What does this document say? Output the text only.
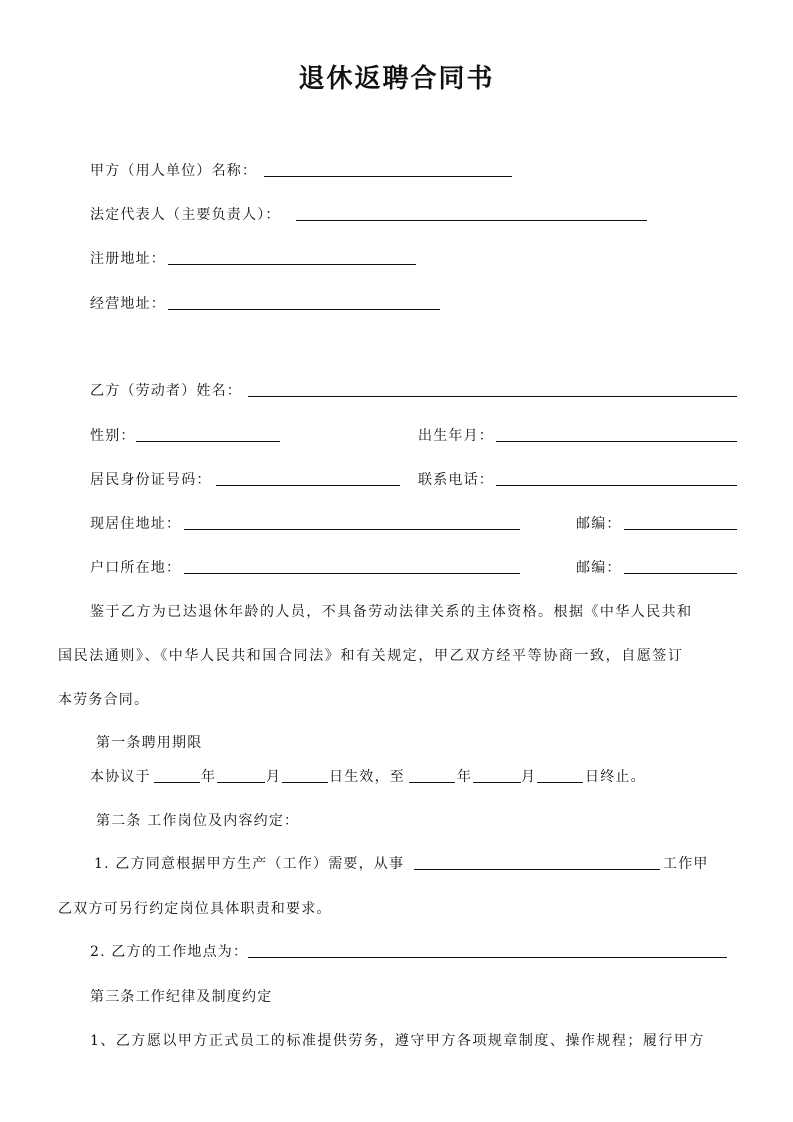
退休返聘合同书
甲方（用人单位）名称：
法定代表人（主要负责人）：
注册地址：
经营地址：
乙方（劳动者）姓名：
性别：	出生年月：
居民身份证号码：	联系电话：
现居住地址：	邮编：
户口所在地：	邮编：
鉴于乙方为已达退休年龄的人员，不具备劳动法律关系的主体资格。根据《中华人民共和
国民法通则》、《中华人民共和国合同法》和有关规定，甲乙双方经平等协商一致，自愿签订
本劳务合同。
第一条聘用期限
本协议于	年	月	日生效，至	年	月	日终止。
第二条 工作岗位及内容约定：
1. 乙方同意根据甲方生产（工作）需要，从事	工作甲
乙双方可另行约定岗位具体职责和要求。
2. 乙方的工作地点为：
第三条工作纪律及制度约定
1、乙方愿以甲方正式员工的标准提供劳务，遵守甲方各项规章制度、操作规程；履行甲方
